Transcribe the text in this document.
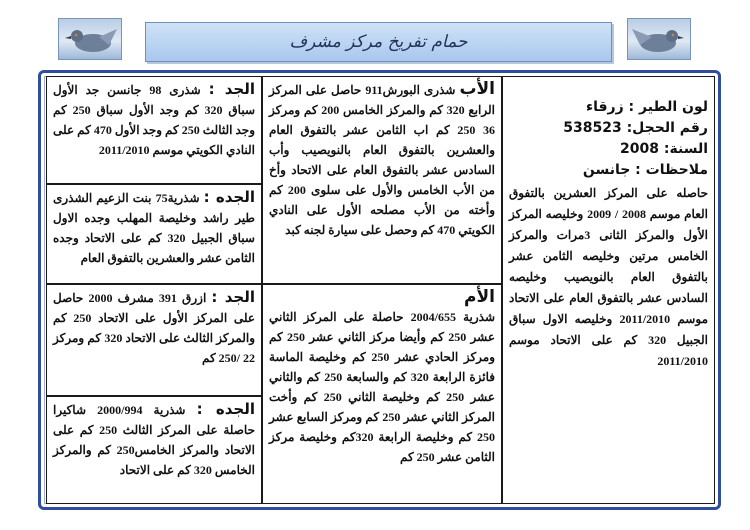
حمام تفريخ مركز مشرف
لون الطير : زرقاء
رقم الحجل: 538523
السنة: 2008
ملاحظات : جانسن
حاصله على المركز العشرين بالتفوق العام موسم 2008 / 2009 وخليصه المركز الأول والمركز الثانى 3مرات والمركز الخامس مرتين وخليصه الثامن عشر بالتفوق العام بالنويصيب وخليصه السادس عشر بالتفوق العام على الاتحاد موسم 2011/2010 وخليصه الاول سباق الجبيل 320 كم على الاتحاد موسم 2011/2010
الأب شذرى البورش911 حاصل على المركز الرابع 320 كم والمركز الخامس 200 كم ومركز 36 250 كم اب الثامن عشر بالتفوق العام والعشرين بالتفوق العام بالنويصيب وأب السادس عشر بالتفوق العام على الاتحاد وأخ من الأب الخامس والأول على سلوى 200 كم وأخته من الأب مصلحه الأول على النادي الكويتي 470 كم وحصل على سيارة لجنه كبد
الأم
شذرية 2004/655 حاصلة على المركز الثاني عشر 250 كم وأيضا مركز الثاني عشر 250 كم ومركز الحادي عشر 250 كم وخليصة الماسة فائزة الرابعة 320 كم والسابعة 250 كم والثاني عشر 250 كم وخليصة الثاني 250 كم وأخت المركز الثاني عشر 250 كم ومركز السابع عشر 250 كم وخليصة الرابعة 320كم وخليصة مركز الثامن عشر 250 كم
الجد : شذرى 98 جانسن جد الأول سباق 320 كم وجد الأول سباق 250 كم وجد الثالث 250 كم وجد الأول 470 كم على النادي الكويتي موسم 2011/2010
الجده : شذرية75 بنت الزعيم الشذرى طير راشد وخليصة المهلب وجده الاول سباق الجبيل 320 كم على الاتحاد وجده الثامن عشر والعشرين بالتفوق العام
الجد : ازرق 391 مشرف 2000 حاصل على المركز الأول على الاتحاد 250 كم والمركز الثالث على الاتحاد 320 كم ومركز 22 /250 كم
الجده : شذرية 2000/994 شاكيرا حاصلة على المركز الثالث 250 كم على الاتحاد والمركز الخامس250 كم والمركز الخامس 320 كم على الاتحاد
